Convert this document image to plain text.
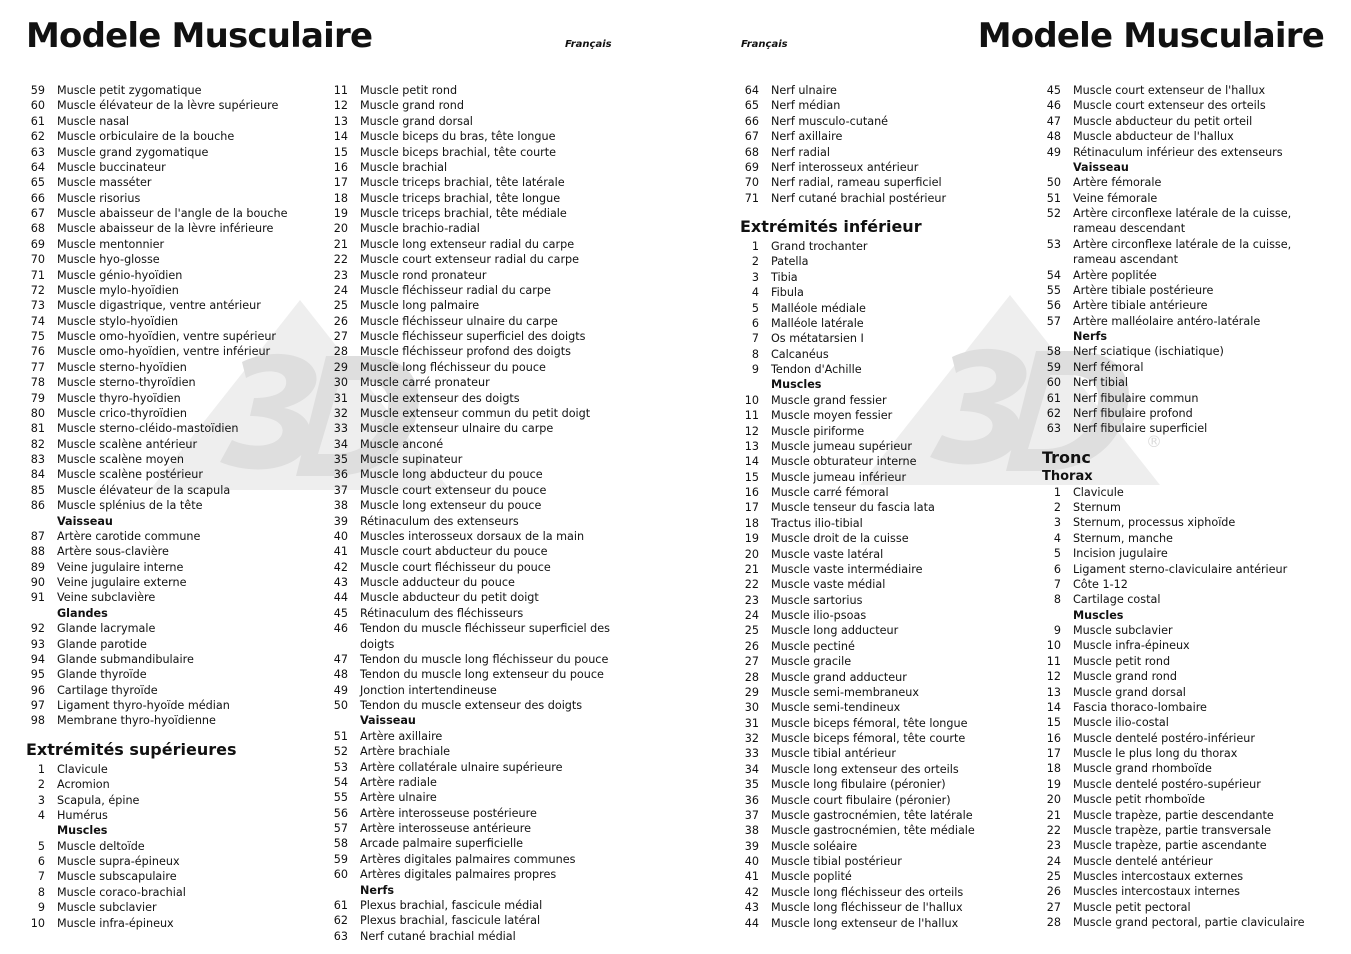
®
Modele Musculaire	Français	Français	Modele Musculaire
59 Muscle petit zygomatique
60 Muscle élévateur de la lèvre supérieure
61 Muscle nasal
62 Muscle orbiculaire de la bouche
63 Muscle grand zygomatique
64 Muscle buccinateur
65 Muscle masséter
66 Muscle risorius
67 Muscle abaisseur de l'angle de la bouche
68 Muscle abaisseur de la lèvre inférieure
69 Muscle mentonnier
70 Muscle hyo-glosse
71 Muscle génio-hyoïdien
72 Muscle mylo-hyoïdien
73 Muscle digastrique, ventre antérieur
74 Muscle stylo-hyoïdien
75 Muscle omo-hyoïdien, ventre supérieur
76 Muscle omo-hyoïdien, ventre inférieur
77 Muscle sterno-hyoïdien
78 Muscle sterno-thyroïdien
79 Muscle thyro-hyoïdien
80 Muscle crico-thyroïdien
81 Muscle sterno-cléido-mastoïdien
82 Muscle scalène antérieur
83 Muscle scalène moyen
84 Muscle scalène postérieur
85 Muscle élévateur de la scapula
86 Muscle splénius de la tête
Vaisseau
87 Artère carotide commune
88 Artère sous-clavière
89 Veine jugulaire interne
90 Veine jugulaire externe
91 Veine subclavière
Glandes
92 Glande lacrymale
93 Glande parotide
94 Glande submandibulaire
95 Glande thyroïde
96 Cartilage thyroïde
97 Ligament thyro-hyoïde médian
98 Membrane thyro-hyoïdienne
Extrémités supérieures
1 Clavicule
2 Acromion
3 Scapula, épine
4 Humérus
Muscles
5 Muscle deltoïde
6 Muscle supra-épineux
7 Muscle subscapulaire
8 Muscle coraco-brachial
9 Muscle subclavier
10 Muscle infra-épineux
11 Muscle petit rond
12 Muscle grand rond
13 Muscle grand dorsal
14 Muscle biceps du bras, tête longue
15 Muscle biceps brachial, tête courte
16 Muscle brachial
17 Muscle triceps brachial, tête latérale
18 Muscle triceps brachial, tête longue
19 Muscle triceps brachial, tête médiale
20 Muscle brachio-radial
21 Muscle long extenseur radial du carpe
22 Muscle court extenseur radial du carpe
23 Muscle rond pronateur
24 Muscle fléchisseur radial du carpe
25 Muscle long palmaire
26 Muscle fléchisseur ulnaire du carpe
27 Muscle fléchisseur superficiel des doigts
28 Muscle fléchisseur profond des doigts
29 Muscle long fléchisseur du pouce
30 Muscle carré pronateur
31 Muscle extenseur des doigts
32 Muscle extenseur commun du petit doigt
33 Muscle extenseur ulnaire du carpe
34 Muscle anconé
35 Muscle supinateur
36 Muscle long abducteur du pouce
37 Muscle court extenseur du pouce
38 Muscle long extenseur du pouce
39 Rétinaculum des extenseurs
40 Muscles interosseux dorsaux de la main
41 Muscle court abducteur du pouce
42 Muscle court fléchisseur du pouce
43 Muscle adducteur du pouce
44 Muscle abducteur du petit doigt
45 Rétinaculum des fléchisseurs
46 Tendon du muscle fléchisseur superficiel des
doigts
47 Tendon du muscle long fléchisseur du pouce
48 Tendon du muscle long extenseur du pouce
49 Jonction intertendineuse
50 Tendon du muscle extenseur des doigts
Vaisseau
51 Artère axillaire
52 Artère brachiale
53 Artère collatérale ulnaire supérieure
54 Artère radiale
55 Artère ulnaire
56 Artère interosseuse postérieure
57 Artère interosseuse antérieure
58 Arcade palmaire superficielle
59 Artères digitales palmaires communes
60 Artères digitales palmaires propres
Nerfs
61 Plexus brachial, fascicule médial
62 Plexus brachial, fascicule latéral
63 Nerf cutané brachial médial
64 Nerf ulnaire
65 Nerf médian
66 Nerf musculo-cutané
67 Nerf axillaire
68 Nerf radial
69 Nerf interosseux antérieur
70 Nerf radial, rameau superficiel
71 Nerf cutané brachial postérieur
Extrémités inférieur
1 Grand trochanter
2 Patella
3 Tibia
4 Fibula
5 Malléole médiale
6 Malléole latérale
7 Os métatarsien I
8 Calcanéus
9 Tendon d'Achille
Muscles
10 Muscle grand fessier
11 Muscle moyen fessier
12 Muscle piriforme
13 Muscle jumeau supérieur
14 Muscle obturateur interne
15 Muscle jumeau inférieur
16 Muscle carré fémoral
17 Muscle tenseur du fascia lata
18 Tractus ilio-tibial
19 Muscle droit de la cuisse
20 Muscle vaste latéral
21 Muscle vaste intermédiaire
22 Muscle vaste médial
23 Muscle sartorius
24 Muscle ilio-psoas
25 Muscle long adducteur
26 Muscle pectiné
27 Muscle gracile
28 Muscle grand adducteur
29 Muscle semi-membraneux
30 Muscle semi-tendineux
31 Muscle biceps fémoral, tête longue
32 Muscle biceps fémoral, tête courte
33 Muscle tibial antérieur
34 Muscle long extenseur des orteils
35 Muscle long fibulaire (péronier)
36 Muscle court fibulaire (péronier)
37 Muscle gastrocnémien, tête latérale
38 Muscle gastrocnémien, tête médiale
39 Muscle soléaire
40 Muscle tibial postérieur
41 Muscle poplité
42 Muscle long fléchisseur des orteils
43 Muscle long fléchisseur de l'hallux
44 Muscle long extenseur de l'hallux
45 Muscle court extenseur de l'hallux
46 Muscle court extenseur des orteils
47 Muscle abducteur du petit orteil
48 Muscle abducteur de l'hallux
49 Rétinaculum inférieur des extenseurs
Vaisseau
50 Artère fémorale
51 Veine fémorale
52 Artère circonflexe latérale de la cuisse,
rameau descendant
53 Artère circonflexe latérale de la cuisse,
rameau ascendant
54 Artère poplitée
55 Artère tibiale postérieure
56 Artère tibiale antérieure
57 Artère malléolaire antéro-latérale
Nerfs
58 Nerf sciatique (ischiatique)
59 Nerf fémoral
60 Nerf tibial
61 Nerf fibulaire commun
62 Nerf fibulaire profond
63 Nerf fibulaire superficiel
Tronc
Thorax
1 Clavicule
2 Sternum
3 Sternum, processus xiphoïde
4 Sternum, manche
5 Incision jugulaire
6 Ligament sterno-claviculaire antérieur
7 Côte 1-12
8 Cartilage costal
Muscles
9 Muscle subclavier
10 Muscle infra-épineux
11 Muscle petit rond
12 Muscle grand rond
13 Muscle grand dorsal
14 Fascia thoraco-lombaire
15 Muscle ilio-costal
16 Muscle dentelé postéro-inférieur
17 Muscle le plus long du thorax
18 Muscle grand rhomboïde
19 Muscle dentelé postéro-supérieur
20 Muscle petit rhomboïde
21 Muscle trapèze, partie descendante
22 Muscle trapèze, partie transversale
23 Muscle trapèze, partie ascendante
24 Muscle dentelé antérieur
25 Muscles intercostaux externes
26 Muscles intercostaux internes
27 Muscle petit pectoral
28 Muscle grand pectoral, partie claviculaire
